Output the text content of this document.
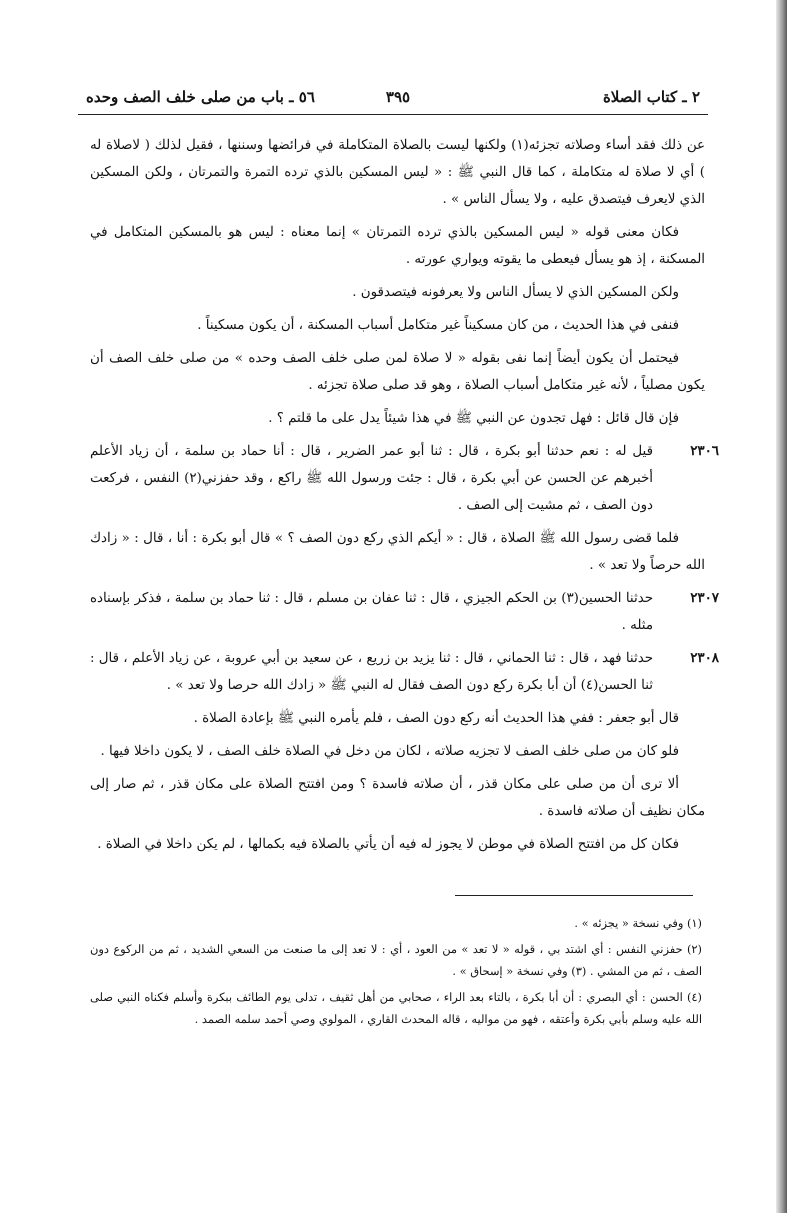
٢ ـ كتاب الصلاة
٣٩٥
٥٦ ـ باب من صلى خلف الصف وحده

عن ذلك فقد أساء وصلاته تجزئه(١) ولكنها ليست بالصلاة المتكاملة في فرائضها وسننها ، فقيل لذلك ( لاصلاة له ) أي لا صلاة له متكاملة ، كما قال النبي ﷺ : « ليس المسكين بالذي ترده التمرة والتمرتان ، ولكن المسكين الذي لايعرف فيتصدق عليه ، ولا يسأل الناس » .

فكان معنى قوله « ليس المسكين بالذي ترده التمرتان » إنما معناه : ليس هو بالمسكين المتكامل في المسكنة ، إذ هو يسأل فيعطى ما يقوته ويواري عورته .

ولكن المسكين الذي لا يسأل الناس ولا يعرفونه فيتصدقون .

فنفى في هذا الحديث ، من كان مسكيناً غير متكامل أسباب المسكنة ، أن يكون مسكيناً .

فيحتمل أن يكون أيضاً إنما نفى بقوله « لا صلاة لمن صلى خلف الصف وحده » من صلى خلف الصف أن يكون مصلياً ، لأنه غير متكامل أسباب الصلاة ، وهو قد صلى صلاة تجزئه .

فإن قال قائل : فهل تجدون عن النبي ﷺ في هذا شيئاً يدل على ما قلتم ؟ .

٢٣٠٦
قيل له : نعم حدثنا أبو بكرة ، قال : ثنا أبو عمر الضرير ، قال : أنا حماد بن سلمة ، أن زياد الأعلم أخبرهم عن الحسن عن أبي بكرة ، قال : جئت ورسول الله ﷺ راكع ، وقد حفزني(٢) النفس ، فركعت دون الصف ، ثم مشيت إلى الصف .

فلما قضى رسول الله ﷺ الصلاة ، قال : « أيكم الذي ركع دون الصف ؟ » قال أبو بكرة : أنا ، قال : « زادك الله حرصاً ولا تعد » .

٢٣٠٧
حدثنا الحسين(٣) بن الحكم الجيزي ، قال : ثنا عفان بن مسلم ، قال : ثنا حماد بن سلمة ، فذكر بإسناده مثله .
٢٣٠٨
حدثنا فهد ، قال : ثنا الحماني ، قال : ثنا يزيد بن زريع ، عن سعيد بن أبي عروبة ، عن زياد الأعلم ، قال : ثنا الحسن(٤) أن أبا بكرة ركع دون الصف فقال له النبي ﷺ « زادك الله حرصا ولا تعد » .

قال أبو جعفر : ففي هذا الحديث أنه ركع دون الصف ، فلم يأمره النبي ﷺ بإعادة الصلاة .

فلو كان من صلى خلف الصف لا تجزيه صلاته ، لكان من دخل في الصلاة خلف الصف ، لا يكون داخلا فيها .

ألا ترى أن من صلى على مكان قذر ، أن صلاته فاسدة ؟ ومن افتتح الصلاة على مكان قذر ، ثم صار إلى مكان نظيف أن صلاته فاسدة .

فكان كل من افتتح الصلاة في موطن لا يجوز له فيه أن يأتي بالصلاة فيه بكمالها ، لم يكن داخلا في الصلاة .

(١) وفي نسخة « يجزئه » .

(٢) حفزني النفس : أي اشتد بي ، قوله « لا تعد » من العود ، أي : لا تعد إلى ما صنعت من السعي الشديد ، ثم من الركوع دون الصف ، ثم من المشي . (٣) وفي نسخة « إسحاق » .

(٤) الحسن : أي البصري : أن أبا بكرة ، بالتاء بعد الراء ، صحابي من أهل ثقيف ، تدلى يوم الطائف ببكرة وأسلم فكناه النبي صلى الله عليه وسلم بأبي بكرة وأعتقه ، فهو من مواليه ، قاله المحدث القاري ، المولوي وصي أحمد سلمه الصمد .
